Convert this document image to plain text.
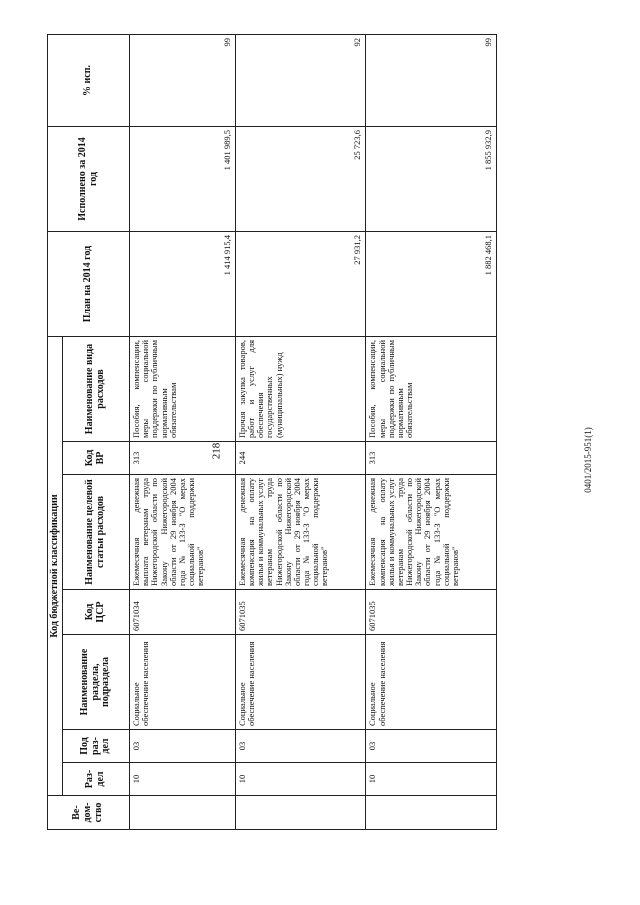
218	0401/2015-951(1)
Ве-дом-ство	Код бюджетной классификации							План на 2014 год	Исполнено за 2014 год	% исп.
	Раз-дел	Под раз-дел	Наименование раздела, подраздела	Код ЦСР	Наименование целевой статьи расходов	Код ВР	Наименование вида расходов			
	10	03	Социальное обеспечение населения	6071034	Ежемесячная денежная выплата ветеранам труда Нижегородской области по Закону Нижегородской области от 29 ноября 2004 года № 133-З "О мерах социальной поддержки ветеранов"	313	Пособия, компенсации, меры социальной поддержки по публичным нормативным обязательствам	1 414 915,4	1 401 989,5	99
	10	03	Социальное обеспечение населения	6071035	Ежемесячная денежная компенсация на оплату жилья и коммунальных услуг ветеранам труда Нижегородской области по Закону Нижегородской области от 29 ноября 2004 года № 133-З "О мерах социальной поддержки ветеранов"	244	Прочая закупка товаров, работ и услуг для обеспечения государственных (муниципальных) нужд	27 931,2	25 723,6	92
	10	03	Социальное обеспечение населения	6071035	Ежемесячная денежная компенсация на оплату жилья и коммунальных услуг ветеранам труда Нижегородской области по Закону Нижегородской области от 29 ноября 2004 года № 133-З "О мерах социальной поддержки ветеранов"	313	Пособия, компенсации, меры социальной поддержки по публичным нормативным обязательствам	1 882 468,1	1 855 932,9	99
